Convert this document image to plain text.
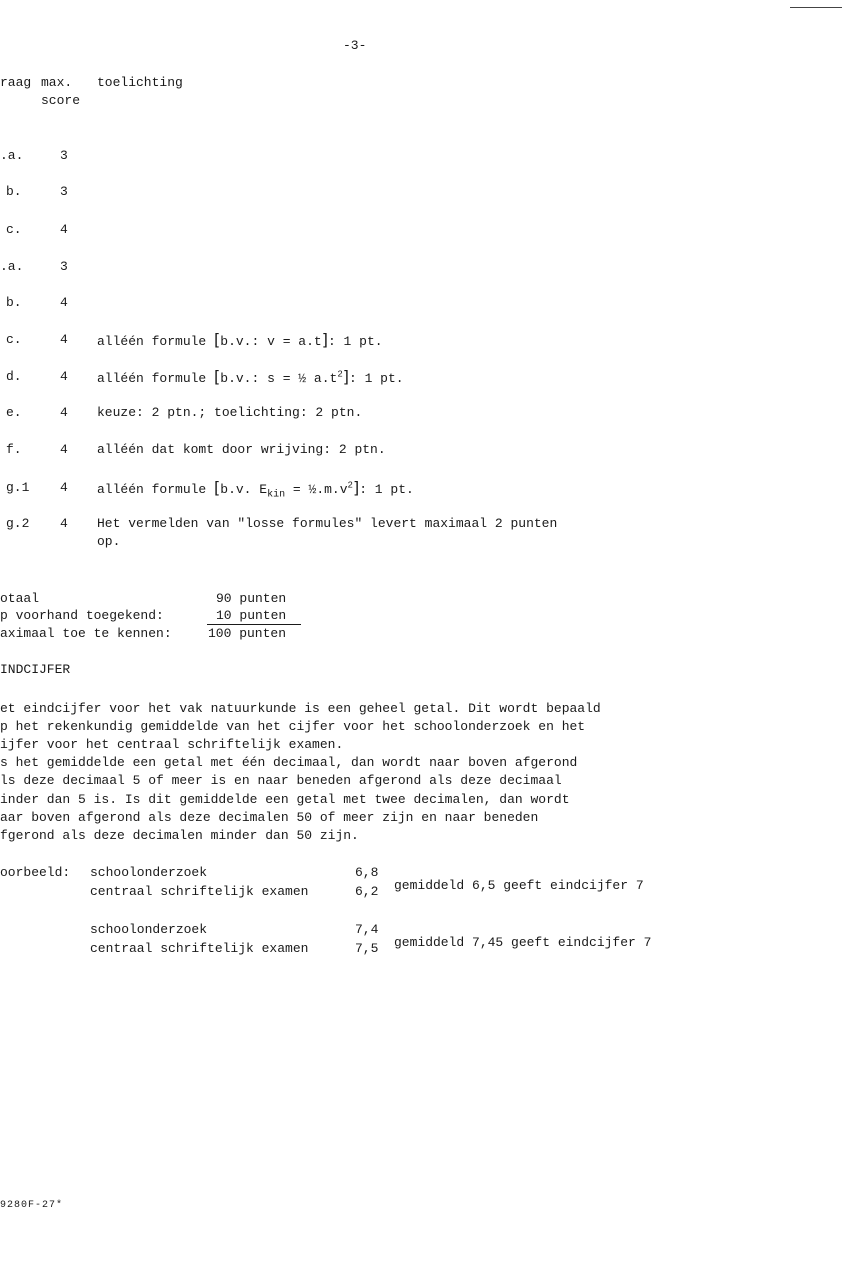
-3-
raag max.
score
toelichting
.a.	3
b.	3
c.	4
.a.	3
b.	4
c.	4 alléén formule [b.v.: v = a.t]: 1 pt.
d.	4 alléén formule [b.v.: s = ½ $a.t^2$]: 1 pt.
e.	4 keuze: 2 ptn.; toelichting: 2 ptn.
f.	4 alléén dat komt door wrijving: 2 ptn.
g.1 4 alléén formule [b.v. $E_{kin}$ = $\frac{1}{2}.m.v^2$]: 1 pt.
g.2 4 Het vermelden van "losse formules" levert maximaal 2 punten
op.
otaal	90 punten
p voorhand toegekend:	10 punten
aximaal toe te kennen:	100 punten
INDCIJFER
et eindcijfer voor het vak natuurkunde is een geheel getal. Dit wordt bepaald
p het rekenkundig gemiddelde van het cijfer voor het schoolonderzoek en het
ijfer voor het centraal schriftelijk examen.
s het gemiddelde een getal met één decimaal, dan wordt naar boven afgerond
ls deze decimaal 5 of meer is en naar beneden afgerond als deze decimaal
inder dan 5 is. Is dit gemiddelde een getal met twee decimalen, dan wordt
aar boven afgerond als deze decimalen 50 of meer zijn en naar beneden
fgerond als deze decimalen minder dan 50 zijn.
oorbeeld: schoolonderzoek	6,8
centraal schriftelijk examen	6,2 gemiddeld 6,5 geeft eindcijfer 7
schoolonderzoek	7,4
centraal schriftelijk examen	7,5 gemiddeld 7,45 geeft eindcijfer 7
9280F-27*
